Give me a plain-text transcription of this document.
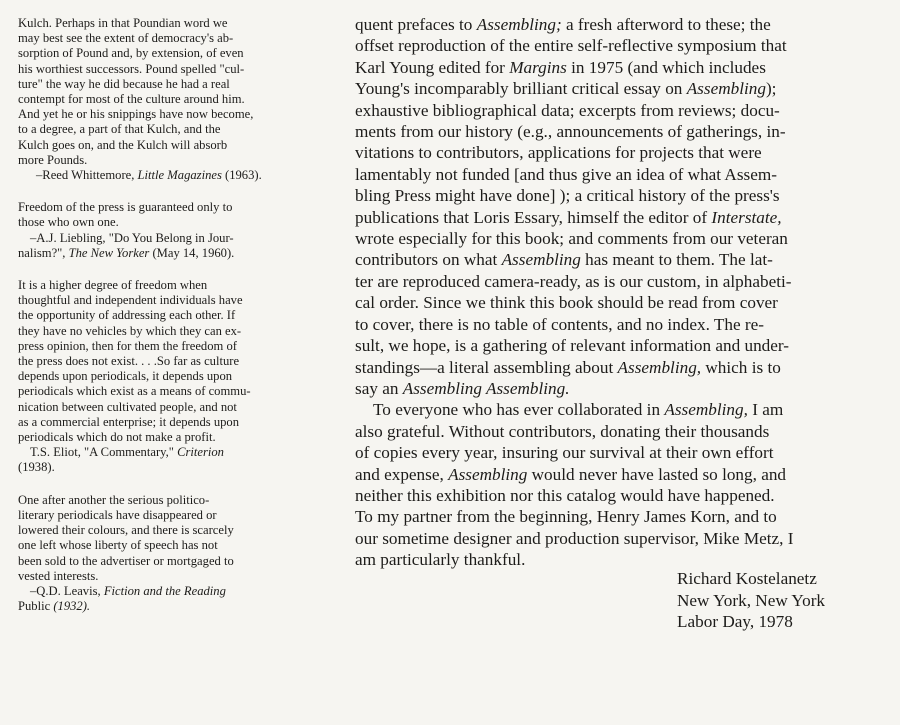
Kulch. Perhaps in that Poundian word we
may best see the extent of democracy's ab-
sorption of Pound and, by extension, of even
his worthiest successors. Pound spelled "cul-
ture" the way he did because he had a real
contempt for most of the culture around him.
And yet he or his snippings have now become,
to a degree, a part of that Kulch, and the
Kulch goes on, and the Kulch will absorb
more Pounds.
–Reed Whittemore, Little Magazines (1963).
Freedom of the press is guaranteed only to
those who own one.
–A.J. Liebling, "Do You Belong in Jour-
nalism?", The New Yorker (May 14, 1960).
It is a higher degree of freedom when
thoughtful and independent individuals have
the opportunity of addressing each other. If
they have no vehicles by which they can ex-
press opinion, then for them the freedom of
the press does not exist. . . .So far as culture
depends upon periodicals, it depends upon
periodicals which exist as a means of commu-
nication between cultivated people, and not
as a commercial enterprise; it depends upon
periodicals which do not make a profit.
T.S. Eliot, "A Commentary," Criterion
(1938).
One after another the serious politico-
literary periodicals have disappeared or
lowered their colours, and there is scarcely
one left whose liberty of speech has not
been sold to the advertiser or mortgaged to
vested interests.
–Q.D. Leavis, Fiction and the Reading
Public (1932).
quent prefaces to Assembling; a fresh afterword to these; the
offset reproduction of the entire self-reflective symposium that
Karl Young edited for Margins in 1975 (and which includes
Young's incomparably brilliant critical essay on Assembling);
exhaustive bibliographical data; excerpts from reviews; docu-
ments from our history (e.g., announcements of gatherings, in-
vitations to contributors, applications for projects that were
lamentably not funded [and thus give an idea of what Assem-
bling Press might have done] ); a critical history of the press's
publications that Loris Essary, himself the editor of Interstate,
wrote especially for this book; and comments from our veteran
contributors on what Assembling has meant to them. The lat-
ter are reproduced camera-ready, as is our custom, in alphabeti-
cal order. Since we think this book should be read from cover
to cover, there is no table of contents, and no index. The re-
sult, we hope, is a gathering of relevant information and under-
standings—a literal assembling about Assembling, which is to
say an Assembling Assembling.
To everyone who has ever collaborated in Assembling, I am
also grateful. Without contributors, donating their thousands
of copies every year, insuring our survival at their own effort
and expense, Assembling would never have lasted so long, and
neither this exhibition nor this catalog would have happened.
To my partner from the beginning, Henry James Korn, and to
our sometime designer and production supervisor, Mike Metz, I
am particularly thankful.
Richard Kostelanetz
New York, New York
Labor Day, 1978
